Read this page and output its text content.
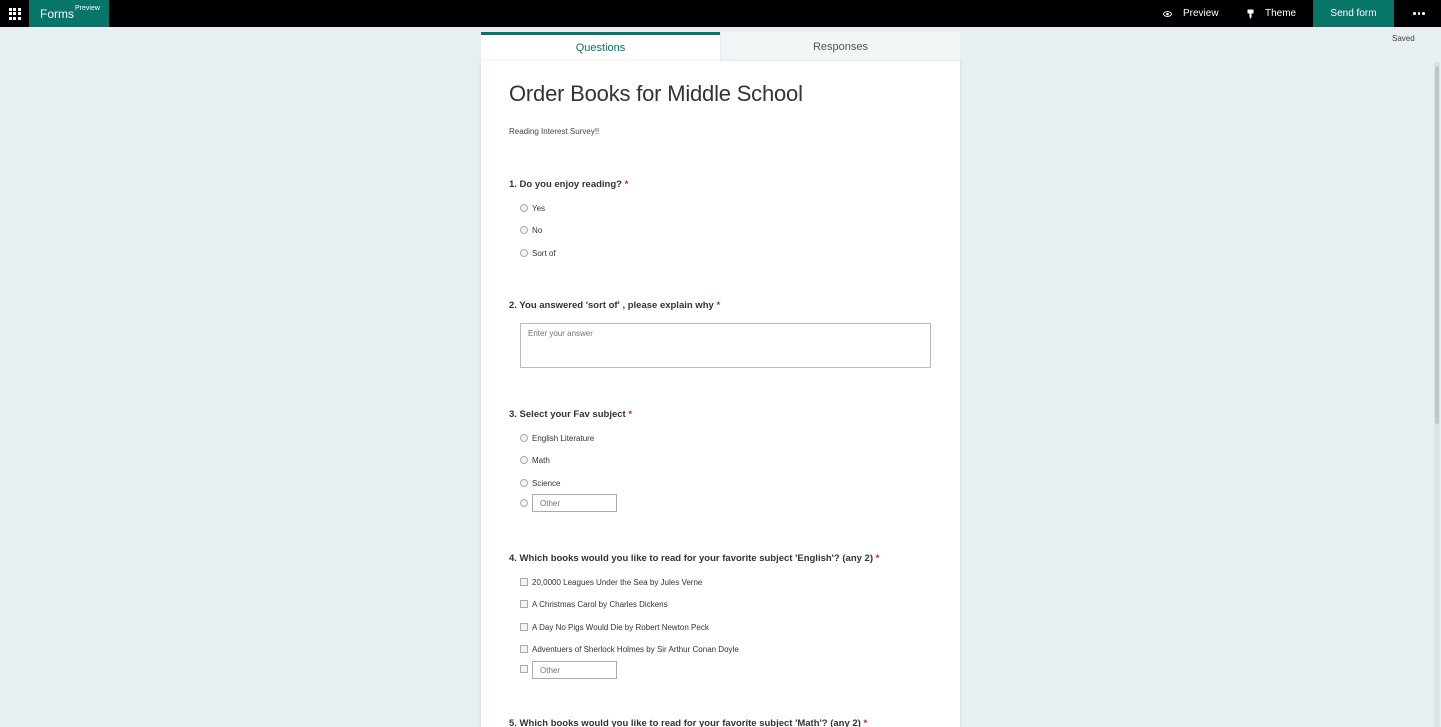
Forms Preview	Preview	Theme	Send form
Saved
Questions	Responses
Order Books for Middle School
Reading Interest Survey!!
1. Do you enjoy reading? *
Yes
No
Sort of
2. You answered 'sort of' , please explain why *
Enter your answer
3. Select your Fav subject *
English Literature
Math
Science
Other
4. Which books would you like to read for your favorite subject 'English'? (any 2) *
20,0000 Leagues Under the Sea by Jules Verne
A Christmas Carol by Charles Dickens
A Day No Pigs Would Die by Robert Newton Peck
Adventuers of Sherlock Holmes by Sir Arthur Conan Doyle
Other
5. Which books would you like to read for your favorite subject 'Math'? (any 2) *
